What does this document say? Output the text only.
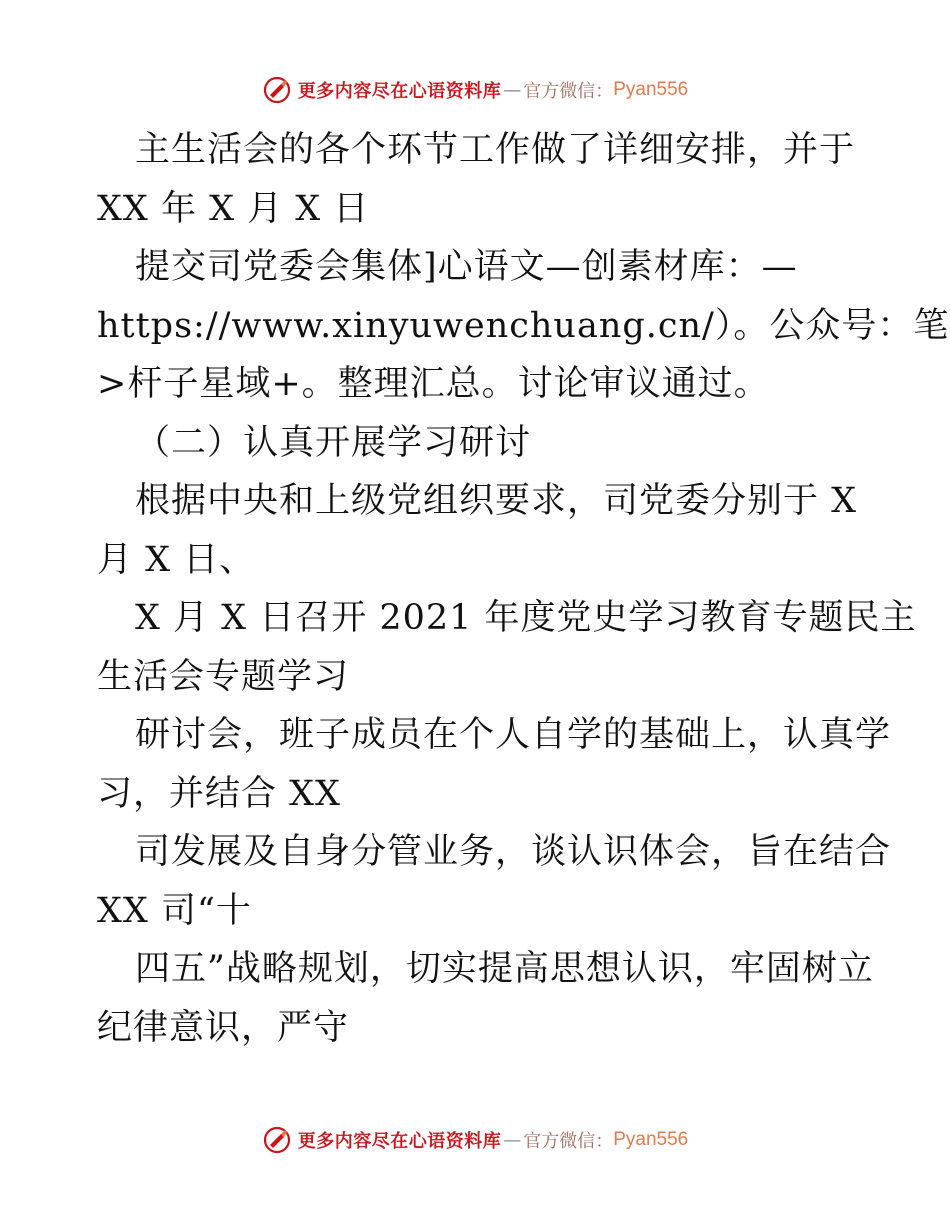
更多内容尽在心语资料库 — 官方微信： Pyan556
主生活会的各个环节工作做了详细安排，并于
XX 年 X 月 X 日
提交司党委会集体]心语文—创素材库：—
https://www.xinyuwenchuang.cn/）。公众号：笔
>杆子星域+。整理汇总。讨论审议通过。
（二）认真开展学习研讨
根据中央和上级党组织要求，司党委分别于 X
月 X 日、
X 月 X 日召开 2021 年度党史学习教育专题民主
生活会专题学习
研讨会，班子成员在个人自学的基础上，认真学
习，并结合 XX
司发展及自身分管业务，谈认识体会，旨在结合
XX 司“十
四五”战略规划，切实提高思想认识，牢固树立
纪律意识，严守
更多内容尽在心语资料库 — 官方微信： Pyan556
